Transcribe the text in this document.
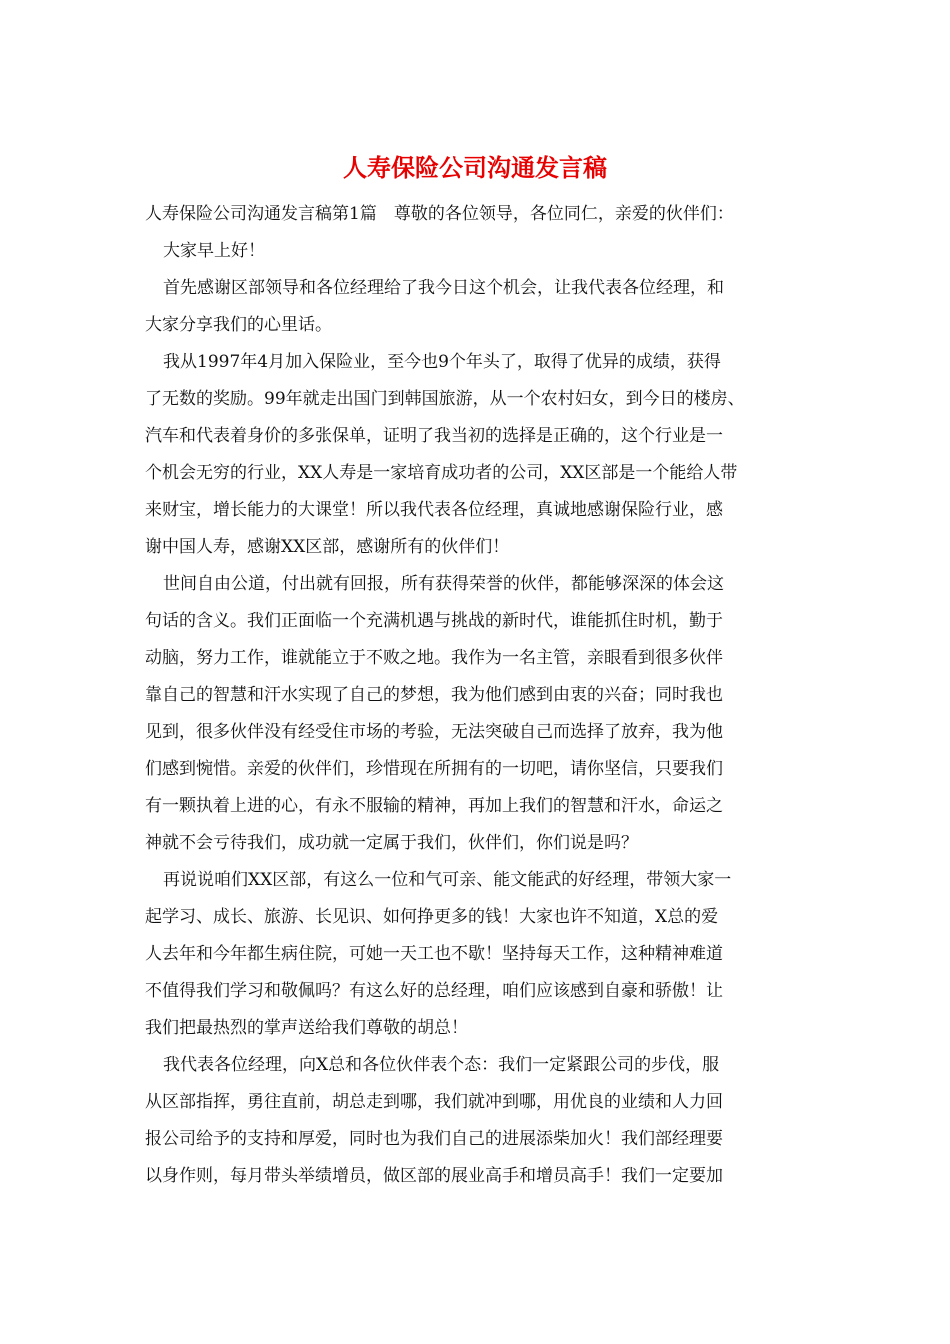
人寿保险公司沟通发言稿
人寿保险公司沟通发言稿第1篇　尊敬的各位领导，各位同仁，亲爱的伙伴们：
大家早上好！
首先感谢区部领导和各位经理给了我今日这个机会，让我代表各位经理，和
大家分享我们的心里话。
我从1997年4月加入保险业，至今也9个年头了，取得了优异的成绩，获得
了无数的奖励。99年就走出国门到韩国旅游，从一个农村妇女，到今日的楼房、
汽车和代表着身价的多张保单，证明了我当初的选择是正确的，这个行业是一
个机会无穷的行业，XX人寿是一家培育成功者的公司，XX区部是一个能给人带
来财宝，增长能力的大课堂！所以我代表各位经理，真诚地感谢保险行业，感
谢中国人寿，感谢XX区部，感谢所有的伙伴们！
世间自由公道，付出就有回报，所有获得荣誉的伙伴，都能够深深的体会这
句话的含义。我们正面临一个充满机遇与挑战的新时代，谁能抓住时机，勤于
动脑，努力工作，谁就能立于不败之地。我作为一名主管，亲眼看到很多伙伴
靠自己的智慧和汗水实现了自己的梦想，我为他们感到由衷的兴奋；同时我也
见到，很多伙伴没有经受住市场的考验，无法突破自己而选择了放弃，我为他
们感到惋惜。亲爱的伙伴们，珍惜现在所拥有的一切吧，请你坚信，只要我们
有一颗执着上进的心，有永不服输的精神，再加上我们的智慧和汗水，命运之
神就不会亏待我们，成功就一定属于我们，伙伴们，你们说是吗？
再说说咱们XX区部，有这么一位和气可亲、能文能武的好经理，带领大家一
起学习、成长、旅游、长见识、如何挣更多的钱！大家也许不知道，X总的爱
人去年和今年都生病住院，可她一天工也不歇！坚持每天工作，这种精神难道
不值得我们学习和敬佩吗？有这么好的总经理，咱们应该感到自豪和骄傲！让
我们把最热烈的掌声送给我们尊敬的胡总！
我代表各位经理，向X总和各位伙伴表个态：我们一定紧跟公司的步伐，服
从区部指挥，勇往直前，胡总走到哪，我们就冲到哪，用优良的业绩和人力回
报公司给予的支持和厚爱，同时也为我们自己的进展添柴加火！我们部经理要
以身作则，每月带头举绩增员，做区部的展业高手和增员高手！我们一定要加
